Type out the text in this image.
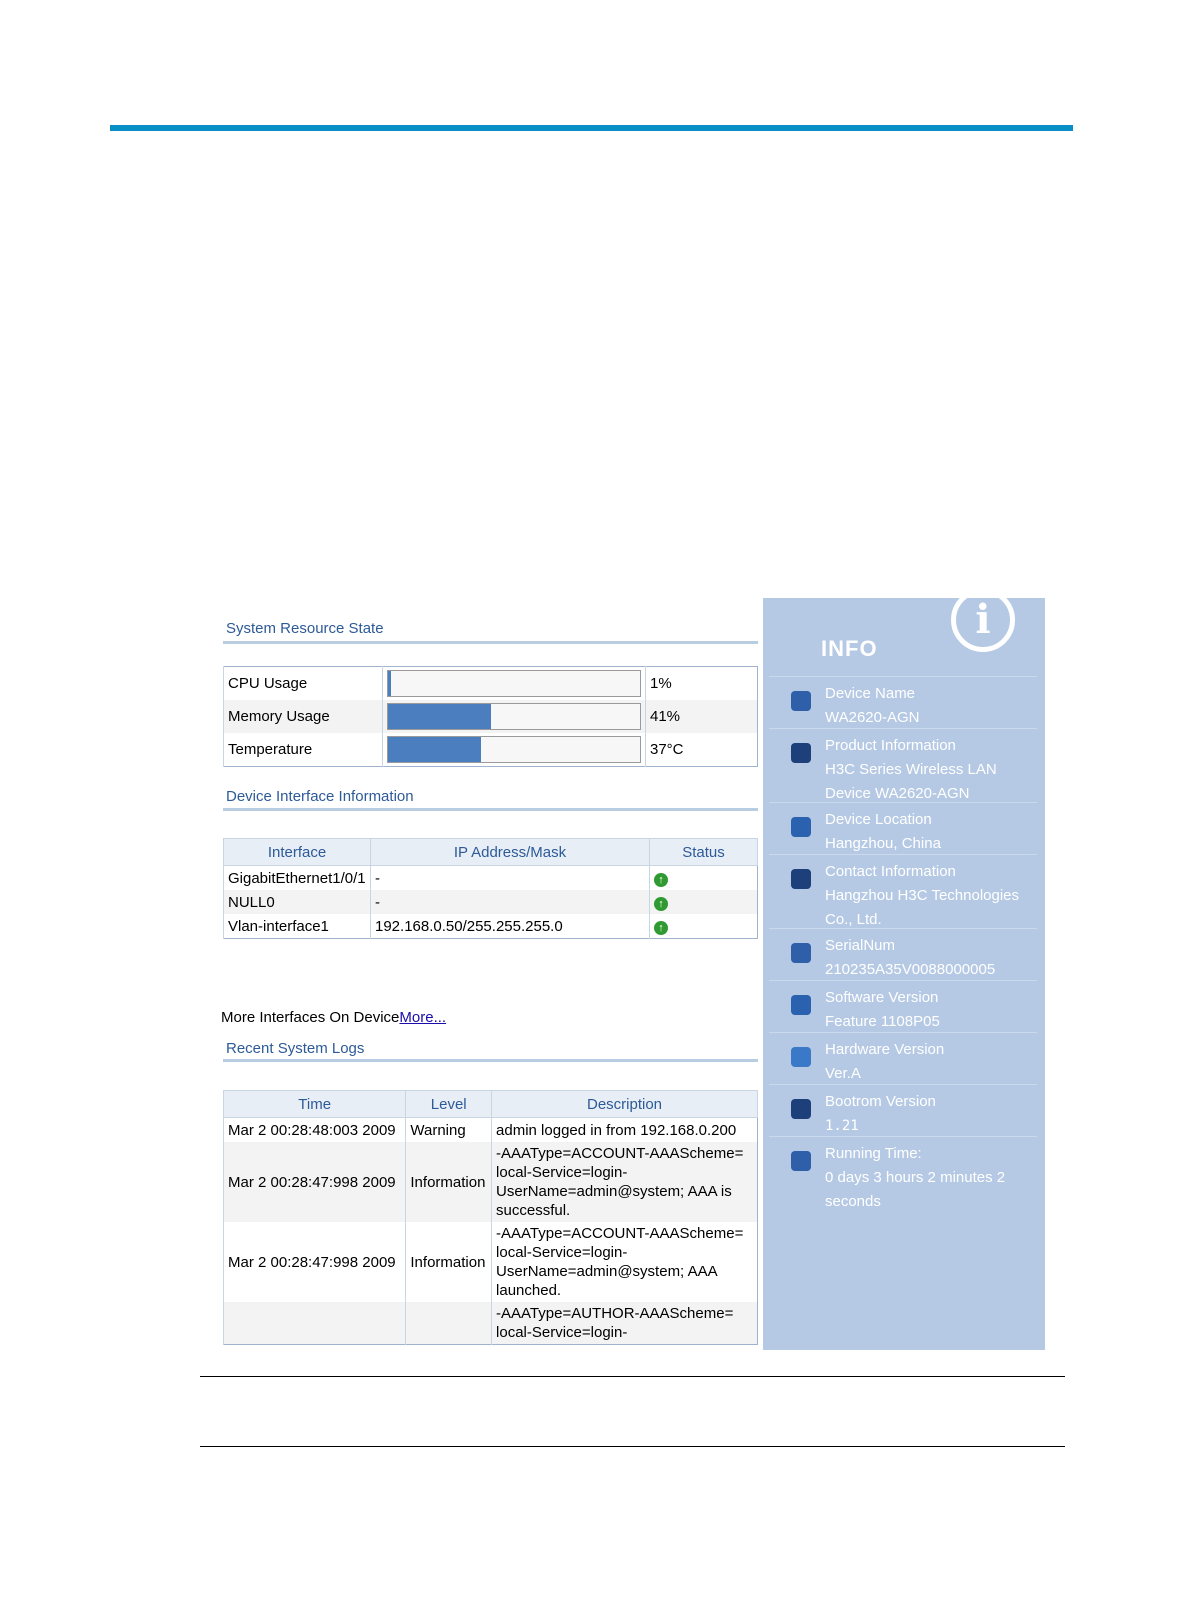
System Resource State
CPU Usage		1%
Memory Usage		41%
Temperature		37°C
Device Interface Information
Interface	IP Address/Mask	Status
GigabitEthernet1/0/1	-	↑
NULL0	-	↑
Vlan-interface1	192.168.0.50/255.255.255.0	↑
More Interfaces On DeviceMore...
Recent System Logs
Time	Level	Description
Mar 2 00:28:48:003 2009	Warning	admin logged in from 192.168.0.200
Mar 2 00:28:47:998 2009	Information	-AAAType=ACCOUNT-AAAScheme= local-Service=login- UserName=admin@system; AAA is successful.
Mar 2 00:28:47:998 2009	Information	-AAAType=ACCOUNT-AAAScheme= local-Service=login- UserName=admin@system; AAA launched.
		-AAAType=AUTHOR-AAAScheme= local-Service=login-
i
INFO
Device Name
WA2620-AGN
Product Information
H3C Series Wireless LAN Device WA2620-AGN
Device Location
Hangzhou, China
Contact Information
Hangzhou H3C Technologies Co., Ltd.
SerialNum
210235A35V0088000005
Software Version
Feature 1108P05
Hardware Version
Ver.A
Bootrom Version
1.21
Running Time:
0 days 3 hours 2 minutes 2 seconds
